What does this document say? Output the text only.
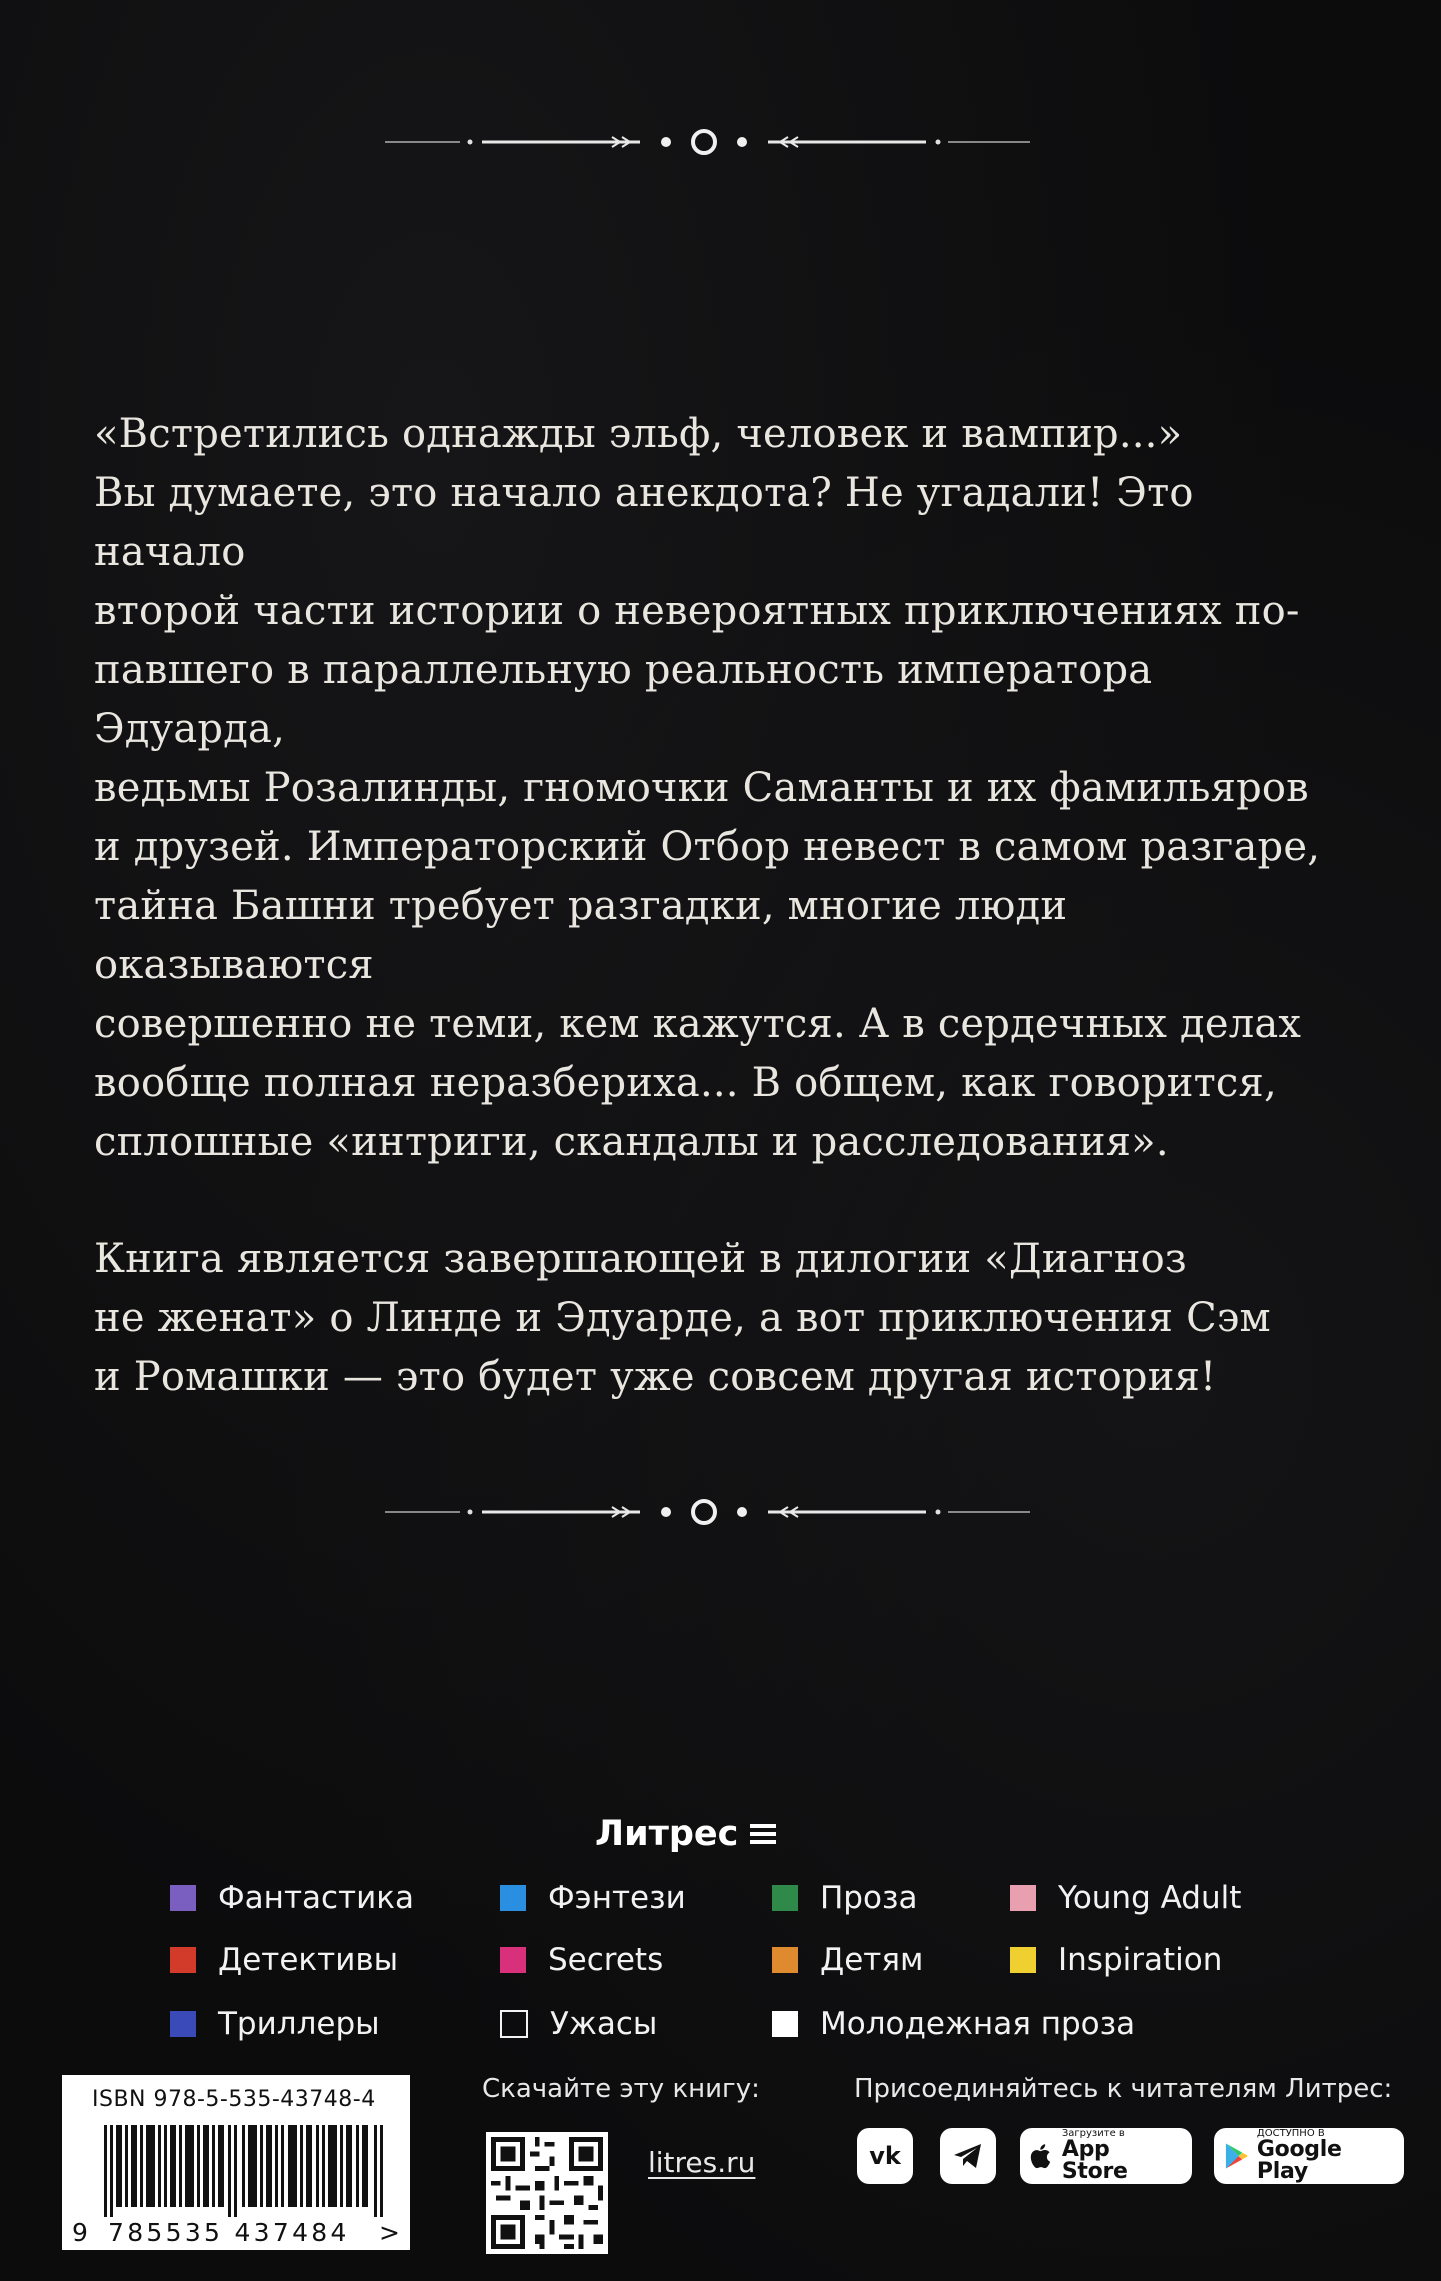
«Встретились однажды эльф, человек и вампир...»
Вы думаете, это начало анекдота? Не угадали! Это начало
второй части истории о невероятных приключениях по-
павшего в параллельную реальность императора Эдуарда,
ведьмы Розалинды, гномочки Саманты и их фамильяров
и друзей. Императорский Отбор невест в самом разгаре,
тайна Башни требует разгадки, многие люди оказываются
совершенно не теми, кем кажутся. А в сердечных делах
вообще полная неразбериха... В общем, как говорится,
сплошные «интриги, скандалы и расследования».

Книга является завершающей в дилогии «Диагноз
не женат» о Линде и Эдуарде, а вот приключения Сэм
и Ромашки — это будет уже совсем другая история!

Литрес
Фантастика	Фэнтези	Проза	Young Adult
Детективы	Secrets	Детям	Inspiration
Триллеры	Ужасы	Молодежная проза
ISBN 978-5-535-43748-4
9 785535 437484 >
Скачайте эту книгу:
litres.ru
Присоединяйтесь к читателям Литрес:
vk
Загрузите в
App Store
ДОСТУПНО В
Google Play
